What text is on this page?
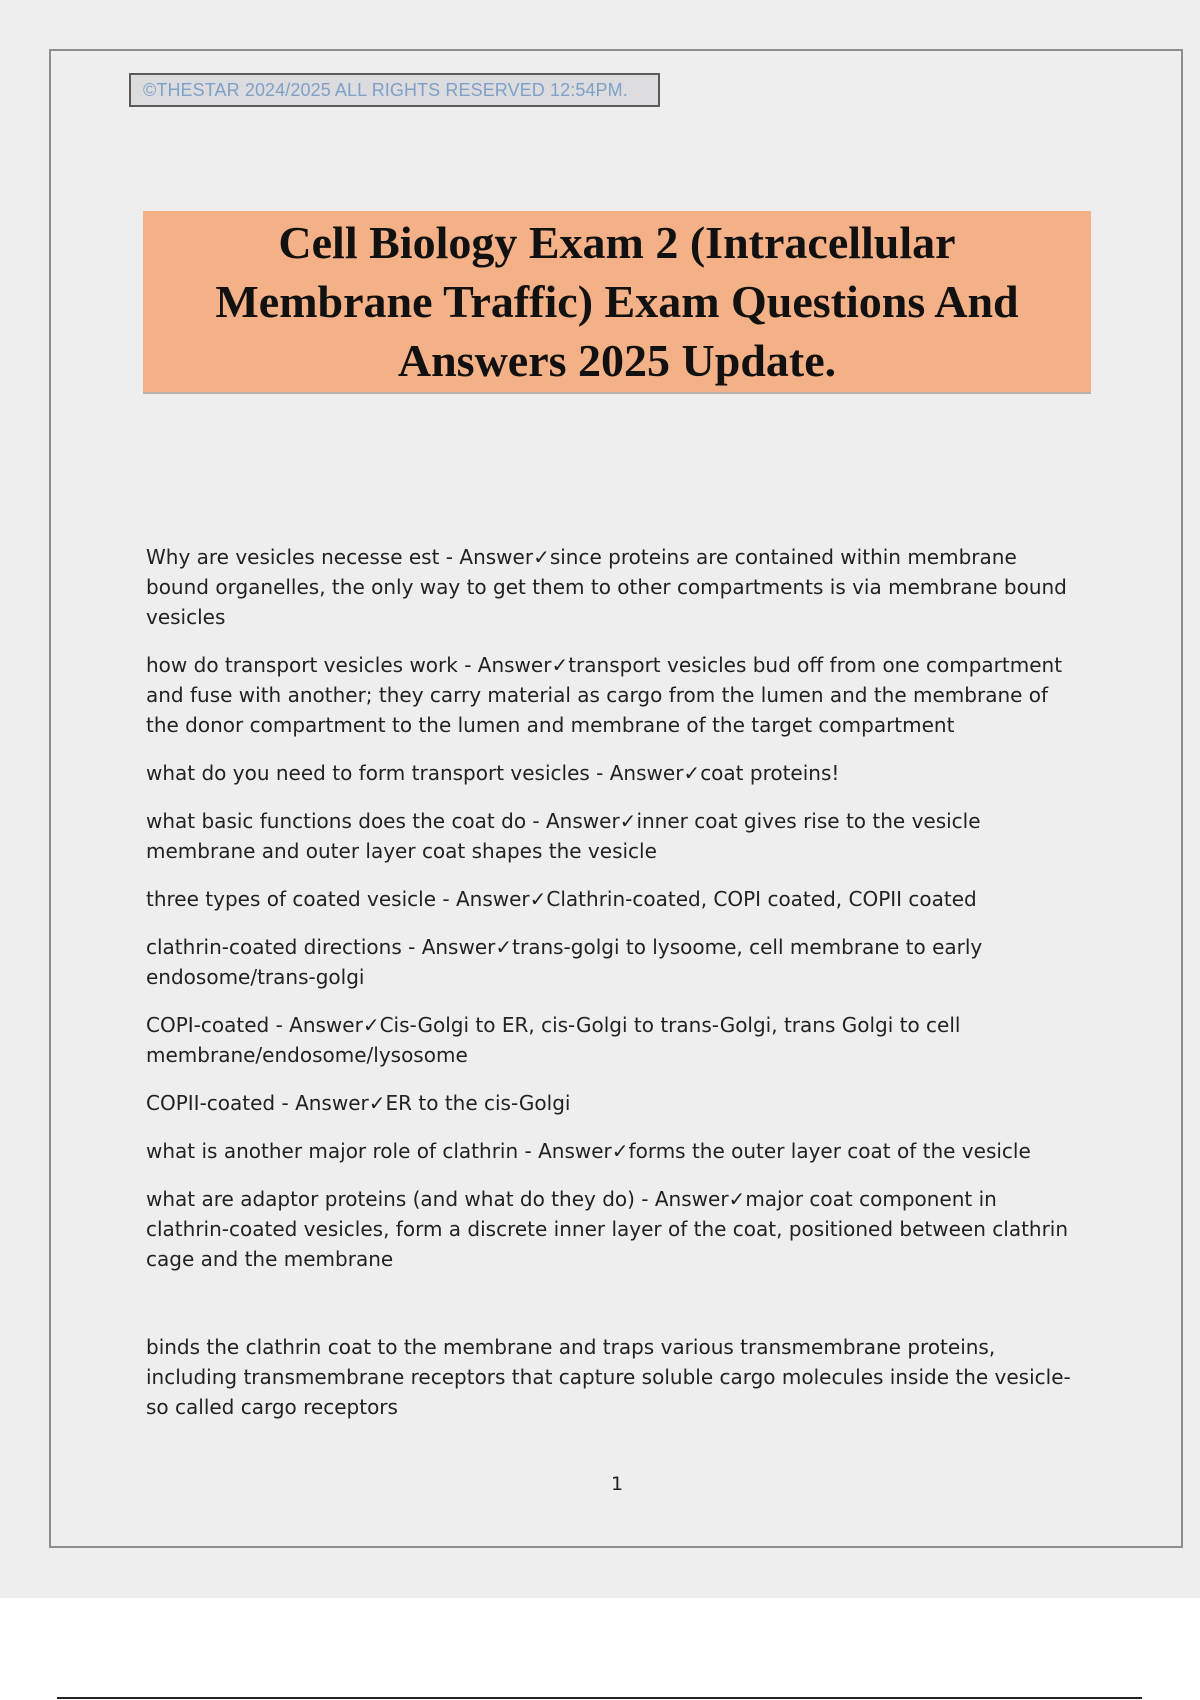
©THESTAR 2024/2025 ALL RIGHTS RESERVED 12:54PM.
Cell Biology Exam 2 (Intracellular Membrane Traffic) Exam Questions And Answers 2025 Update.
Why are vesicles necesse est - Answer✓since proteins are contained within membrane bound organelles, the only way to get them to other compartments is via membrane bound vesicles
how do transport vesicles work - Answer✓transport vesicles bud off from one compartment and fuse with another; they carry material as cargo from the lumen and the membrane of the donor compartment to the lumen and membrane of the target compartment
what do you need to form transport vesicles - Answer✓coat proteins!
what basic functions does the coat do - Answer✓inner coat gives rise to the vesicle membrane and outer layer coat shapes the vesicle
three types of coated vesicle - Answer✓Clathrin-coated, COPI coated, COPII coated
clathrin-coated directions - Answer✓trans-golgi to lysoome, cell membrane to early endosome/trans-golgi
COPI-coated - Answer✓Cis-Golgi to ER, cis-Golgi to trans-Golgi, trans Golgi to cell membrane/endosome/lysosome
COPII-coated - Answer✓ER to the cis-Golgi
what is another major role of clathrin - Answer✓forms the outer layer coat of the vesicle
what are adaptor proteins (and what do they do) - Answer✓major coat component in clathrin-coated vesicles, form a discrete inner layer of the coat, positioned between clathrin cage and the membrane
binds the clathrin coat to the membrane and traps various transmembrane proteins, including transmembrane receptors that capture soluble cargo molecules inside the vesicle-so called cargo receptors
1
